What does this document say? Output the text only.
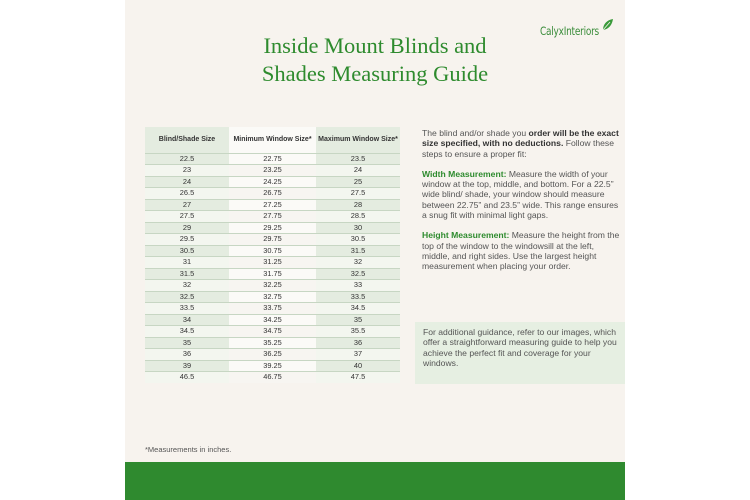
CalyxInteriors
Inside Mount Blinds and
Shades Measuring Guide
Blind/Shade Size	Minimum Window Size*	Maximum Window Size*
22.5	22.75	23.5
23	23.25	24
24	24.25	25
26.5	26.75	27.5
27	27.25	28
27.5	27.75	28.5
29	29.25	30
29.5	29.75	30.5
30.5	30.75	31.5
31	31.25	32
31.5	31.75	32.5
32	32.25	33
32.5	32.75	33.5
33.5	33.75	34.5
34	34.25	35
34.5	34.75	35.5
35	35.25	36
36	36.25	37
39	39.25	40
46.5	46.75	47.5

The blind and/or shade you order will be the exact size specified, with no deductions. Follow these steps to ensure a proper fit:

Width Measurement: Measure the width of your window at the top, middle, and bottom. For a 22.5” wide blind/ shade, your window should measure between 22.75” and 23.5” wide. This range ensures a snug fit with minimal light gaps.

Height Measurement: Measure the height from the top of the window to the windowsill at the left, middle, and right sides. Use the largest height measurement when placing your order.

For additional guidance, refer to our images, which offer a straightforward measuring guide to help you achieve the perfect fit and coverage for your windows.
*Measurements in inches.
